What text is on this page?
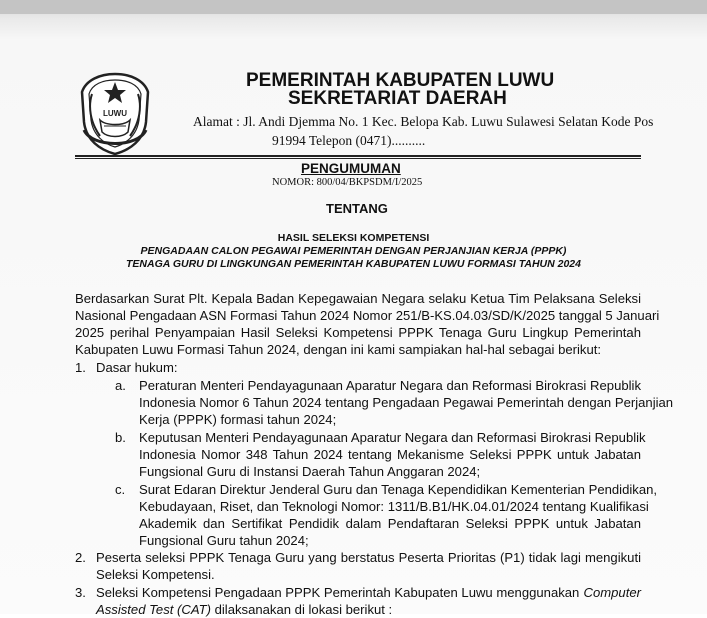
LUWU
PEMERINTAH KABUPATEN LUWU
SEKRETARIAT DAERAH
Alamat : Jl. Andi Djemma No. 1 Kec. Belopa Kab. Luwu Sulawesi Selatan Kode Pos
91994 Telepon (0471)..........
PENGUMUMAN
NOMOR: 800/04/BKPSDM/I/2025
TENTANG
HASIL SELEKSI KOMPETENSI
PENGADAAN CALON PEGAWAI PEMERINTAH DENGAN PERJANJIAN KERJA (PPPK)
TENAGA GURU DI LINGKUNGAN PEMERINTAH KABUPATEN LUWU FORMASI TAHUN 2024
Berdasarkan Surat Plt. Kepala Badan Kepegawaian Negara selaku Ketua Tim Pelaksana Seleksi
Nasional Pengadaan ASN Formasi Tahun 2024 Nomor 251/B-KS.04.03/SD/K/2025 tanggal 5 Januari
2025 perihal Penyampaian Hasil Seleksi Kompetensi PPPK Tenaga Guru Lingkup Pemerintah
Kabupaten Luwu Formasi Tahun 2024, dengan ini kami sampiakan hal-hal sebagai berikut:
1. Dasar hukum:
a. Peraturan Menteri Pendayagunaan Aparatur Negara dan Reformasi Birokrasi Republik
Indonesia Nomor 6 Tahun 2024 tentang Pengadaan Pegawai Pemerintah dengan Perjanjian
Kerja (PPPK) formasi tahun 2024;
b. Keputusan Menteri Pendayagunaan Aparatur Negara dan Reformasi Birokrasi Republik
Indonesia Nomor 348 Tahun 2024 tentang Mekanisme Seleksi PPPK untuk Jabatan
Fungsional Guru di Instansi Daerah Tahun Anggaran 2024;
c. Surat Edaran Direktur Jenderal Guru dan Tenaga Kependidikan Kementerian Pendidikan,
Kebudayaan, Riset, dan Teknologi Nomor: 1311/B.B1/HK.04.01/2024 tentang Kualifikasi
Akademik dan Sertifikat Pendidik dalam Pendaftaran Seleksi PPPK untuk Jabatan
Fungsional Guru tahun 2024;
2. Peserta seleksi PPPK Tenaga Guru yang berstatus Peserta Prioritas (P1) tidak lagi mengikuti
Seleksi Kompetensi.
3. Seleksi Kompetensi Pengadaan PPPK Pemerintah Kabupaten Luwu menggunakan Computer
Assisted Test (CAT) dilaksanakan di lokasi berikut :
